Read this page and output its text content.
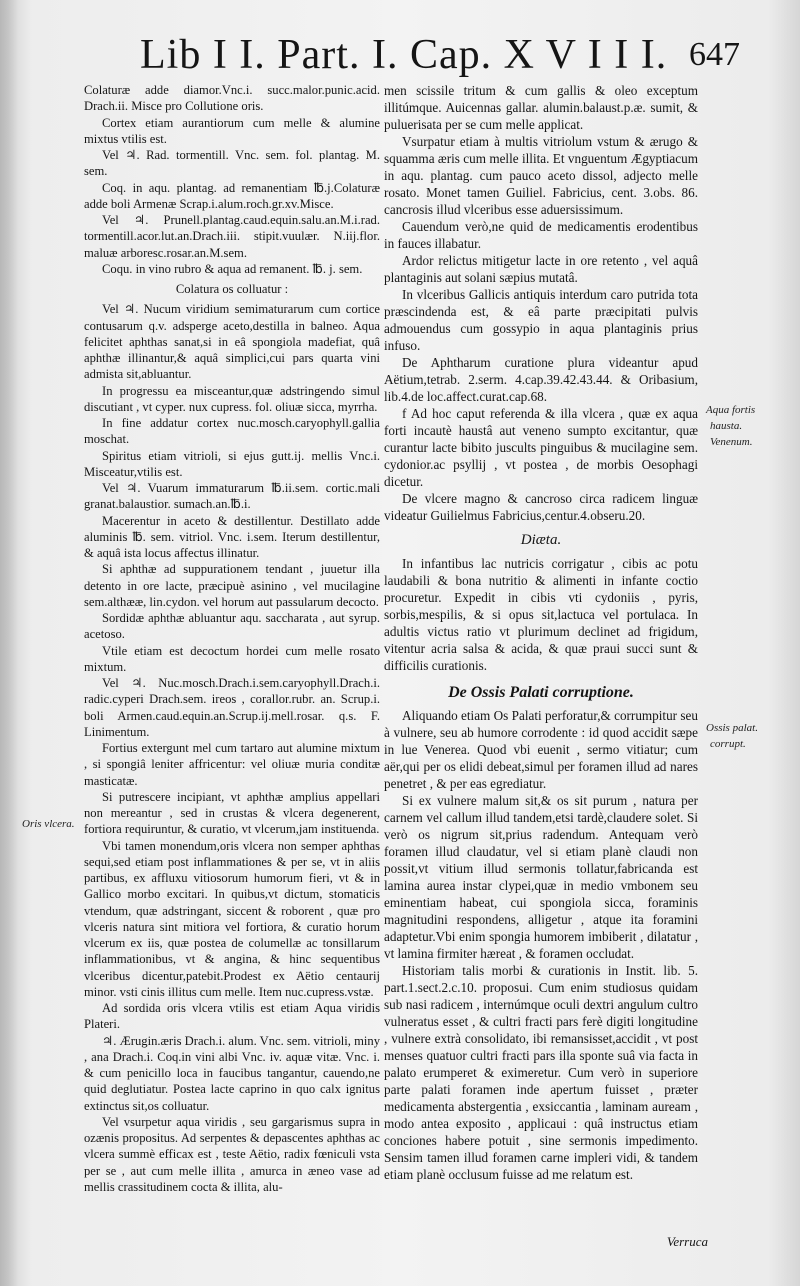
Lib I I. Part. I. Cap. X V I I I. 647

Colaturæ adde diamor.Vnc.i. succ.malor.punic.acid. Drach.ii. Misce pro Collutione oris.

Cortex etiam aurantiorum cum melle & alumine mixtus vtilis est.

Vel ♃. Rad. tormentill. Vnc. sem. fol. plantag. M. sem.

Coq. in aqu. plantag. ad remanentiam ℔.j.Colaturæ adde boli Armenæ Scrap.i.alum.roch.gr.xv.Misce.

Vel ♃. Prunell.plantag.caud.equin.salu.an.M.i.rad. tormentill.acor.lut.an.Drach.iii. stipit.vuulær. N.iij.flor. maluæ arboresc.rosar.an.M.sem.

Coqu. in vino rubro & aqua ad remanent. ℔. j. sem.

Colatura os colluatur :

Vel ♃. Nucum viridium semimaturarum cum cortice contusarum q.v. adsperge aceto,destilla in balneo. Aqua felicitet aphthas sanat,si in eâ spongiola madefiat, quâ aphthæ illinantur,& aquâ simplici,cui pars quarta vini admista sit,abluantur.

In progressu ea misceantur,quæ adstringendo simul discutiant , vt cyper. nux cupress. fol. oliuæ sicca, myrrha.

In fine addatur cortex nuc.mosch.caryophyll.gallia moschat.

Spiritus etiam vitrioli, si ejus gutt.ij. mellis Vnc.i. Misceatur,vtilis est.

Vel ♃. Vuarum immaturarum ℔.ii.sem. cortic.mali granat.balaustior. sumach.an.℔.i.

Macerentur in aceto & destillentur. Destillato adde aluminis ℔. sem. vitriol. Vnc. i.sem. Iterum destillentur, & aquâ ista locus affectus illinatur.

Si aphthæ ad suppurationem tendant , juuetur illa detento in ore lacte, præcipuè asinino , vel mucilagine sem.althææ, lin.cydon. vel horum aut passularum decocto.

Sordidæ aphthæ abluantur aqu. saccharata , aut syrup. acetoso.

Vtile etiam est decoctum hordei cum melle rosato mixtum.

Vel ♃. Nuc.mosch.Drach.i.sem.caryophyll.Drach.i. radic.cyperi Drach.sem. ireos , corallor.rubr. an. Scrup.i. boli Armen.caud.equin.an.Scrup.ij.mell.rosar. q.s. F. Linimentum.

Fortius extergunt mel cum tartaro aut alumine mixtum , si spongiâ leniter affricentur: vel oliuæ muria conditæ masticatæ.

Si putrescere incipiant, vt aphthæ amplius appellari non mereantur , sed in crustas & vlcera degenerent, fortiora requiruntur, & curatio, vt vlcerum,jam instituenda.

Vbi tamen monendum,oris vlcera non semper aphthas sequi,sed etiam post inflammationes & per se, vt in aliis partibus, ex affluxu vitiosorum humorum fieri, vt & in Gallico morbo excitari. In quibus,vt dictum, stomaticis vtendum, quæ adstringant, siccent & roborent , quæ pro vlceris natura sint mitiora vel fortiora, & curatio horum vlcerum ex iis, quæ postea de columellæ ac tonsillarum inflammationibus, vt & angina, & hinc sequentibus vlceribus dicentur,patebit.Prodest ex Aëtio centaurij minor. vsti cinis illitus cum melle. Item nuc.cupress.vstæ.

Ad sordida oris vlcera vtilis est etiam Aqua viridis Plateri.

♃. Ærugin.æris Drach.i. alum. Vnc. sem. vitrioli, miny , ana Drach.i. Coq.in vini albi Vnc. iv. aquæ vitæ. Vnc. i. & cum penicillo loca in faucibus tangantur, cauendo,ne quid deglutiatur. Postea lacte caprino in quo calx ignitus extinctus sit,os colluatur.

Vel vsurpetur aqua viridis , seu gargarismus supra in ozænis propositus. Ad serpentes & depascentes aphthas ac vlcera summè efficax est , teste Aëtio, radix fœniculi vsta per se , aut cum melle illita , amurca in æneo vase ad mellis crassitudinem cocta & illita, alu-

men scissile tritum & cum gallis & oleo exceptum illitúmque. Auicennas gallar. alumin.balaust.p.æ. sumit, & puluerisata per se cum melle applicat.

Vsurpatur etiam à multis vitriolum vstum & ærugo & squamma æris cum melle illita. Et vnguentum Ægyptiacum in aqu. plantag. cum pauco aceto dissol, adjecto melle rosato. Monet tamen Guiliel. Fabricius, cent. 3.obs. 86. cancrosis illud vlceribus esse aduersissimum.

Cauendum verò,ne quid de medicamentis erodentibus in fauces illabatur.

Ardor relictus mitigetur lacte in ore retento , vel aquâ plantaginis aut solani sæpius mutatâ.

In vlceribus Gallicis antiquis interdum caro putrida tota præscindenda est, & eâ parte præcipitati pulvis admouendus cum gossypio in aqua plantaginis prius infuso.

De Aphtharum curatione plura videantur apud Aëtium,tetrab. 2.serm. 4.cap.39.42.43.44. & Oribasium, lib.4.de loc.affect.curat.cap.68.

f Ad hoc caput referenda & illa vlcera , quæ ex aqua forti incautè haustâ aut veneno sumpto excitantur, quæ curantur lacte bibito juscults pinguibus & mucilagine sem. cydonior.ac psyllij , vt postea , de morbis Oesophagi dicetur.

De vlcere magno & cancroso circa radicem linguæ videatur Guilielmus Fabricius,centur.4.obseru.20.

Diæta.

In infantibus lac nutricis corrigatur , cibis ac potu laudabili & bona nutritio & alimenti in infante coctio procuretur. Expedit in cibis vti cydoniis , pyris, sorbis,mespilis, & si opus sit,lactuca vel portulaca. In adultis victus ratio vt plurimum declinet ad frigidum, vitentur acria salsa & acida, & quæ praui succi sunt & difficilis curationis.

De Ossis Palati corruptione.

Aliquando etiam Os Palati perforatur,& corrumpitur seu à vulnere, seu ab humore corrodente : id quod accidit sæpe in lue Venerea. Quod vbi euenit , sermo vitiatur; cum aër,qui per os elidi debeat,simul per foramen illud ad nares penetret , & per eas egrediatur.

Si ex vulnere malum sit,& os sit purum , natura per carnem vel callum illud tandem,etsi tardè,claudere solet. Si verò os nigrum sit,prius radendum. Antequam verò foramen illud claudatur, vel si etiam planè claudi non possit,vt vitium illud sermonis tollatur,fabricanda est lamina aurea instar clypei,quæ in medio vmbonem seu eminentiam habeat, cui spongiola sicca, foraminis magnitudini respondens, alligetur , atque ita foramini adaptetur.Vbi enim spongia humorem imbiberit , dilatatur , vt lamina firmiter hæreat , & foramen occludat.

Historiam talis morbi & curationis in Instit. lib. 5. part.1.sect.2.c.10. proposui. Cum enim studiosus quidam sub nasi radicem , internúmque oculi dextri angulum cultro vulneratus esset , & cultri fracti pars ferè digiti longitudine , vulnere extrà consolidato, ibi remansisset,accidit , vt post menses quatuor cultri fracti pars illa sponte suâ via facta in palato erumperet & eximeretur. Cum verò in superiore parte palati foramen inde apertum fuisset , præter medicamenta abstergentia , exsiccantia , laminam auream , modo antea exposito , applicaui : quâ instructus etiam conciones habere potuit , sine sermonis impedimento. Sensim tamen illud foramen carne impleri vidi, & tandem etiam planè occlusum fuisse ad me relatum est.

Oris vlcera.
Aqua fortis
hausta.
Venenum.
Ossis palat.
corrupt.
Verruca
